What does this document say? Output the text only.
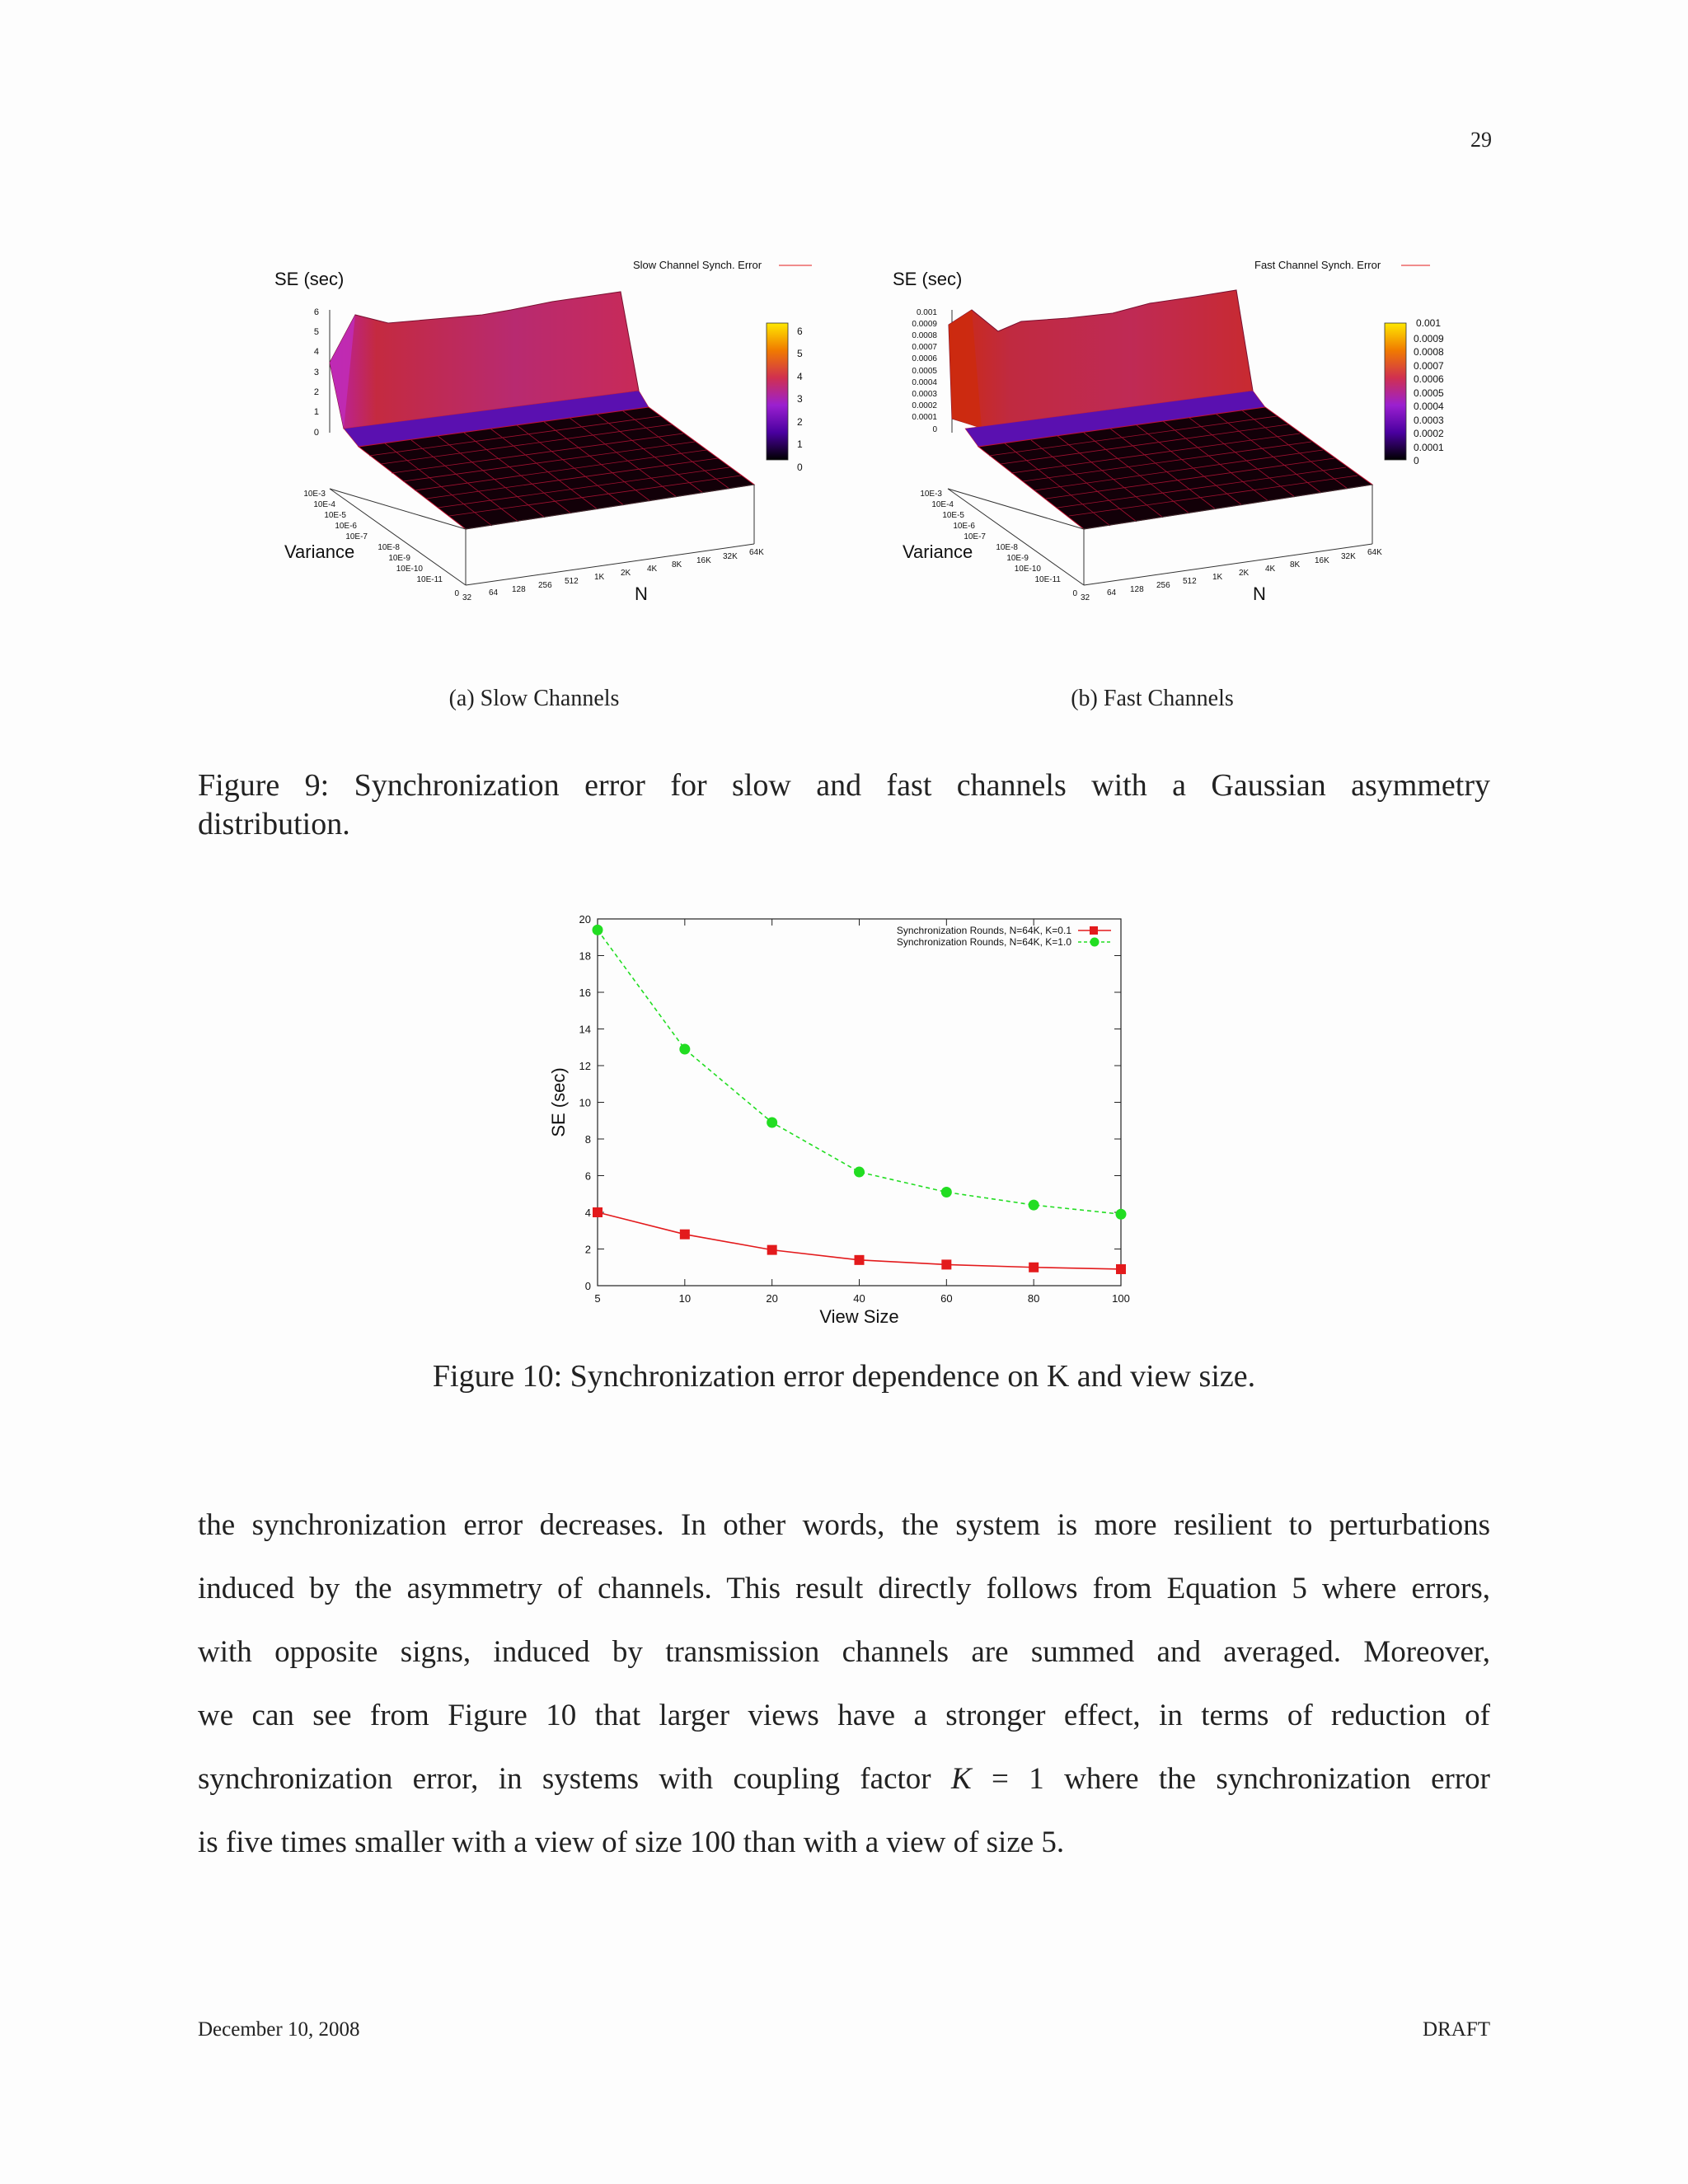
29
SE (sec)
Slow Channel Synch. Error
6
5
4
3
2
1
0
10E-3
10E-4
10E-5
10E-6
10E-7
10E-8
10E-9
10E-10
10E-11
0
Variance
32
64 128 256 512 1K 2K 4K 8K 16K 32K 64K
N
6
5
4
3
2
1
0
SE (sec)
Fast Channel Synch. Error
0.001
0.0009
0.0008
0.0007
0.0006
0.0005
0.0004
0.0003
0.0002
0.0001
0
10E-3
10E-4
10E-5
10E-6
10E-7
10E-8
10E-9
10E-10
10E-11
0
Variance
32
64 128 256 512 1K 2K 4K 8K 16K 32K 64K
N
0.001
0.0009
0.0008
0.0007
0.0006
0.0005
0.0004
0.0003
0.0002
0.0001
0
(a) Slow Channels	(b) Fast Channels
Figure 9: Synchronization error for slow and fast channels with a Gaussian asymmetry
distribution.
0
2
4
6
8
10
12
14
16
18
20
5	10	20	40	60	80	100
View Size
SE (sec)
Synchronization Rounds, N=64K, K=0.1
Synchronization Rounds, N=64K, K=1.0
Figure 10: Synchronization error dependence on K and view size.
the synchronization error decreases. In other words, the system is more resilient to perturbations
induced by the asymmetry of channels. This result directly follows from Equation 5 where errors,
with opposite signs, induced by transmission channels are summed and averaged. Moreover,
we can see from Figure 10 that larger views have a stronger effect, in terms of reduction of
synchronization error, in systems with coupling factor K = 1 where the synchronization error
is five times smaller with a view of size 100 than with a view of size 5.
December 10, 2008	DRAFT
